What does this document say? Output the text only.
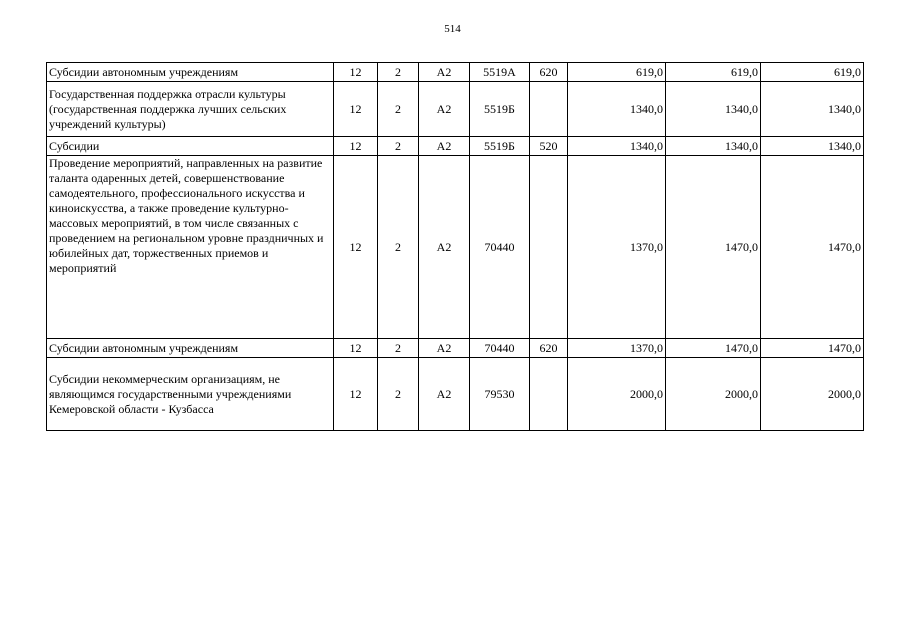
514
Субсидии автономным учреждениям	12	2	А2	5519А	620	619,0	619,0	619,0
Государственная поддержка отрасли культуры (государственная поддержка лучших сельских учреждений культуры)	12	2	А2	5519Б		1340,0	1340,0	1340,0
Субсидии	12	2	А2	5519Б	520	1340,0	1340,0	1340,0
Проведение мероприятий, направленных на развитие таланта одаренных детей, совершенствование самодеятельного, профессионального искусства и киноискусства, а также проведение культурно-массовых мероприятий, в том числе связанных с проведением на региональном уровне праздничных и юбилейных дат, торжественных приемов и мероприятий	12	2	А2	70440		1370,0	1470,0	1470,0
Субсидии автономным учреждениям	12	2	А2	70440	620	1370,0	1470,0	1470,0
Субсидии некоммерческим организациям, не являющимся государственными учреждениями Кемеровской области - Кузбасса	12	2	А2	79530		2000,0	2000,0	2000,0
